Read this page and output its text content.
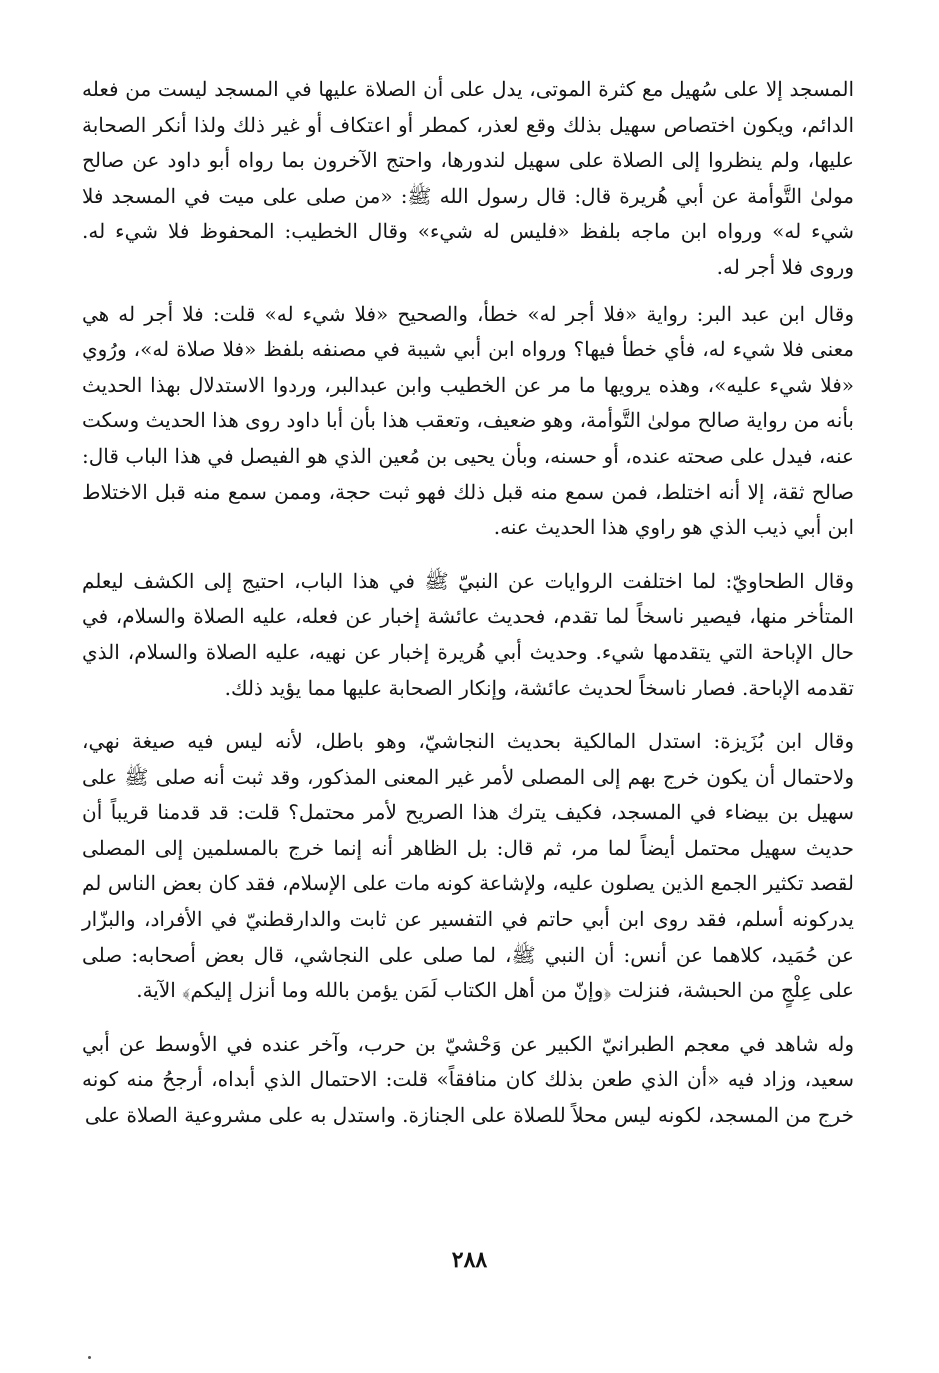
المسجد إلا على سُهيل مع كثرة الموتى، يدل على أن الصلاة عليها في المسجد ليست من فعله الدائم، ويكون اختصاص سهيل بذلك وقع لعذر، كمطر أو اعتكاف أو غير ذلك ولذا أنكر الصحابة عليها، ولم ينظروا إلى الصلاة على سهيل لندورها، واحتج الآخرون بما رواه أبو داود عن صالح مولىٰ التَّوأمة عن أبي هُريرة قال: قال رسول الله ﷺ: «من صلى على ميت في المسجد فلا شيء له» ورواه ابن ماجه بلفظ «فليس له شيء» وقال الخطيب: المحفوظ فلا شيء له. وروى فلا أجر له.

وقال ابن عبد البر: رواية «فلا أجر له» خطأ، والصحيح «فلا شيء له» قلت: فلا أجر له هي معنى فلا شيء له، فأي خطأ فيها؟ ورواه ابن أبي شيبة في مصنفه بلفظ «فلا صلاة له»، ورُوي «فلا شيء عليه»، وهذه يرويها ما مر عن الخطيب وابن عبدالبر، وردوا الاستدلال بهذا الحديث بأنه من رواية صالح مولىٰ التَّوأمة، وهو ضعيف، وتعقب هذا بأن أبا داود روى هذا الحديث وسكت عنه، فيدل على صحته عنده، أو حسنه، وبأن يحيى بن مُعين الذي هو الفيصل في هذا الباب قال: صالح ثقة، إلا أنه اختلط، فمن سمع منه قبل ذلك فهو ثبت حجة، وممن سمع منه قبل الاختلاط ابن أبي ذيب الذي هو راوي هذا الحديث عنه.

وقال الطحاويّ: لما اختلفت الروايات عن النبيّ ﷺ في هذا الباب، احتيج إلى الكشف ليعلم المتأخر منها، فيصير ناسخاً لما تقدم، فحديث عائشة إخبار عن فعله، عليه الصلاة والسلام، في حال الإباحة التي يتقدمها شيء. وحديث أبي هُريرة إخبار عن نهيه، عليه الصلاة والسلام، الذي تقدمه الإباحة. فصار ناسخاً لحديث عائشة، وإنكار الصحابة عليها مما يؤيد ذلك.

وقال ابن بُزَيزة: استدل المالكية بحديث النجاشيّ، وهو باطل، لأنه ليس فيه صيغة نهي، ولاحتمال أن يكون خرج بهم إلى المصلى لأمر غير المعنى المذكور، وقد ثبت أنه صلى ﷺ على سهيل بن بيضاء في المسجد، فكيف يترك هذا الصريح لأمر محتمل؟ قلت: قد قدمنا قريباً أن حديث سهيل محتمل أيضاً لما مر، ثم قال: بل الظاهر أنه إنما خرج بالمسلمين إلى المصلى لقصد تكثير الجمع الذين يصلون عليه، ولإشاعة كونه مات على الإسلام، فقد كان بعض الناس لم يدركونه أسلم، فقد روى ابن أبي حاتم في التفسير عن ثابت والدارقطنيّ في الأفراد، والبزّار عن حُمَيد، كلاهما عن أنس: أن النبي ﷺ، لما صلى على النجاشي، قال بعض أصحابه: صلى على عِلْجٍ من الحبشة، فنزلت ﴿وإنّ من أهل الكتاب لَمَن يؤمن بالله وما أنزل إليكم﴾ الآية.

وله شاهد في معجم الطبرانيّ الكبير عن وَحْشيّ بن حرب، وآخر عنده في الأوسط عن أبي سعيد، وزاد فيه «أن الذي طعن بذلك كان منافقاً» قلت: الاحتمال الذي أبداه، أرجحُ منه كونه خرج من المسجد، لكونه ليس محلاً للصلاة على الجنازة. واستدل به على مشروعية الصلاة على

٢٨٨
